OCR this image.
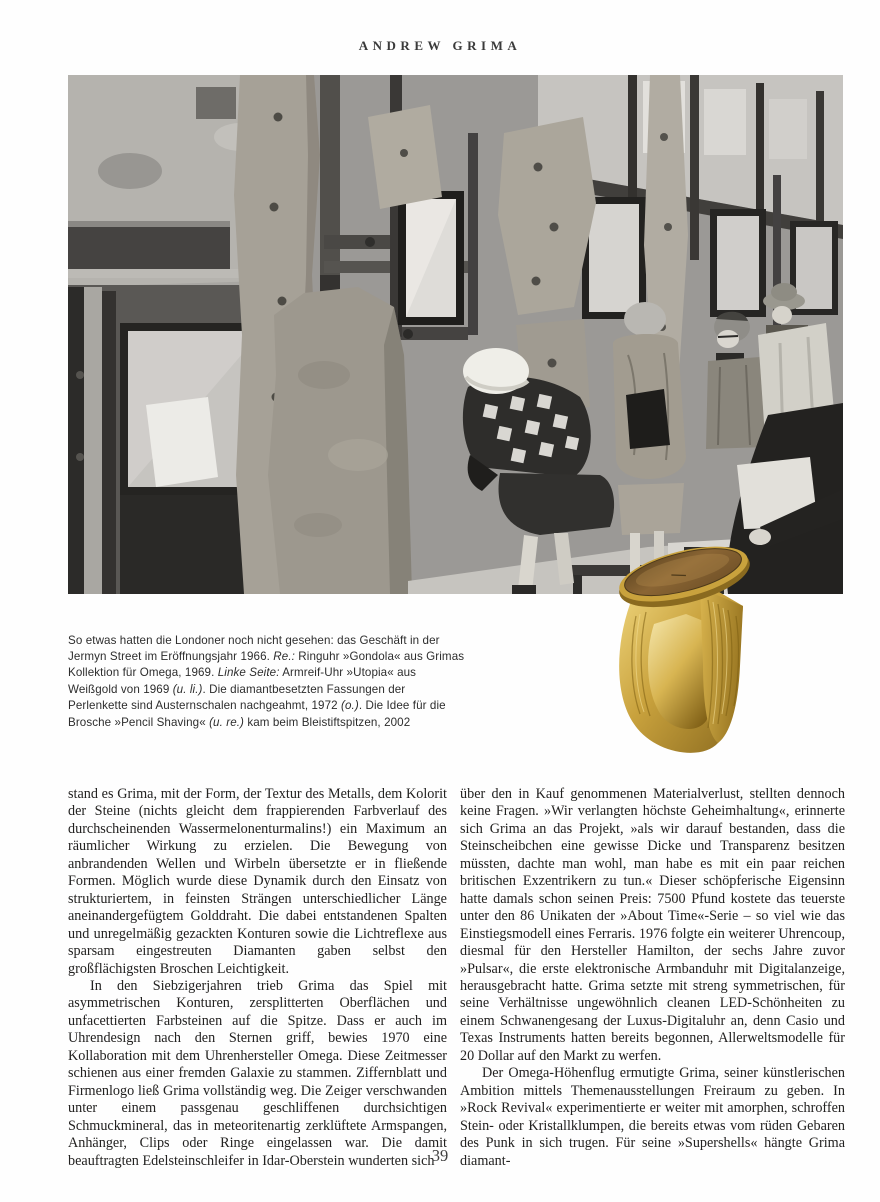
ANDREW GRIMA

So etwas hatten die Londoner noch nicht gesehen: das Geschäft in der Jermyn Street im Eröffnungsjahr 1966. Re.: Ringuhr »Gondola« aus Grimas Kollektion für Omega, 1969. Linke Seite: Armreif-Uhr »Utopia« aus Weißgold von 1969 (u. li.). Die diamantbesetzten Fassungen der Perlenkette sind Austernschalen nachgeahmt, 1972 (o.). Die Idee für die Brosche »Pencil Shaving« (u. re.) kam beim Bleistiftspitzen, 2002

stand es Grima, mit der Form, der Textur des Metalls, dem Kolorit der Steine (nichts gleicht dem frappierenden Farbverlauf des durchscheinenden Wassermelonenturmalins!) ein Maximum an räumlicher Wirkung zu erzielen. Die Bewegung von anbrandenden Wellen und Wirbeln übersetzte er in fließende Formen. Möglich wurde diese Dynamik durch den Einsatz von strukturiertem, in feinsten Strängen unterschiedlicher Länge aneinandergefügtem Golddraht. Die dabei entstandenen Spalten und unregelmäßig gezackten Konturen sowie die Lichtreflexe aus sparsam eingestreuten Diamanten gaben selbst den großflächigsten Broschen Leichtigkeit.

In den Siebzigerjahren trieb Grima das Spiel mit asymmetrischen Konturen, zersplitterten Oberflächen und unfacettierten Farbsteinen auf die Spitze. Dass er auch im Uhrendesign nach den Sternen griff, bewies 1970 eine Kollaboration mit dem Uhrenhersteller Omega. Diese Zeitmesser schienen aus einer fremden Galaxie zu stammen. Ziffernblatt und Firmenlogo ließ Grima vollständig weg. Die Zeiger verschwanden unter einem passgenau geschliffenen durchsichtigen Schmuckmineral, das in meteoritenartig zerklüftete Armspangen, Anhänger, Clips oder Ringe eingelassen war. Die damit beauftragten Edelsteinschleifer in Idar-Oberstein wunderten sich

über den in Kauf genommenen Materialverlust, stellten dennoch keine Fragen. »Wir verlangten höchste Geheimhaltung«, erinnerte sich Grima an das Projekt, »als wir darauf bestanden, dass die Steinscheibchen eine gewisse Dicke und Transparenz besitzen müssten, dachte man wohl, man habe es mit ein paar reichen britischen Exzentrikern zu tun.« Dieser schöpferische Eigensinn hatte damals schon seinen Preis: 7500 Pfund kostete das teuerste unter den 86 Unikaten der »About Time«-Serie – so viel wie das Einstiegsmodell eines Ferraris. 1976 folgte ein weiterer Uhrencoup, diesmal für den Hersteller Hamilton, der sechs Jahre zuvor »Pulsar«, die erste elektronische Armbanduhr mit Digitalanzeige, herausgebracht hatte. Grima setzte mit streng symmetrischen, für seine Verhältnisse ungewöhnlich cleanen LED-Schönheiten zu einem Schwanengesang der Luxus-Digitaluhr an, denn Casio und Texas Instruments hatten bereits begonnen, Allerweltsmodelle für 20 Dollar auf den Markt zu werfen.

Der Omega-Höhenflug ermutigte Grima, seiner künstlerischen Ambition mittels Themenausstellungen Freiraum zu geben. In »Rock Revival« experimentierte er weiter mit amorphen, schroffen Stein- oder Kristallklumpen, die bereits etwas vom rüden Gebaren des Punk in sich trugen. Für seine »Supershells« hängte Grima diamant-

39
